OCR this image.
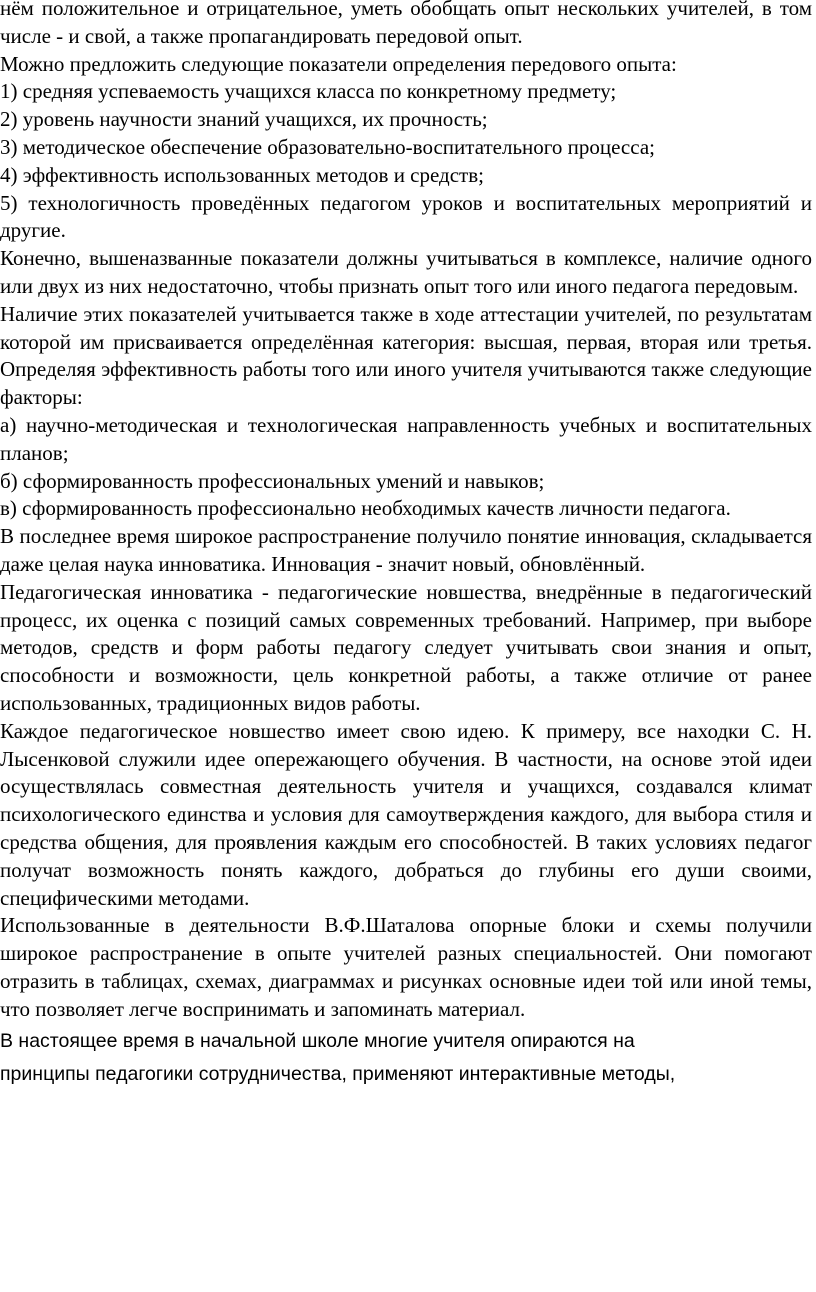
нём положительное и отрицательное, уметь обобщать опыт нескольких учителей, в том числе - и свой, а также пропагандировать передовой опыт.

Можно предложить следующие показатели определения передового опыта:

1) средняя успеваемость учащихся класса по конкретному предмету;

2) уровень научности знаний учащихся, их прочность;

3) методическое обеспечение образовательно-воспитательного процесса;

4) эффективность использованных методов и средств;

5) технологичность проведённых педагогом уроков и воспитательных мероприятий и другие.

Конечно, вышеназванные показатели должны учитываться в комплексе, наличие одного или двух из них недостаточно, чтобы признать опыт того или иного педагога передовым.

Наличие этих показателей учитывается также в ходе аттестации учителей, по результатам которой им присваивается определённая категория: высшая, первая, вторая или третья. Определяя эффективность работы того или иного учителя учитываются также следующие факторы:

а) научно-методическая и технологическая направленность учебных и воспитательных планов;

б) сформированность профессиональных умений и навыков;

в) сформированность профессионально необходимых качеств личности педагога.

В последнее время широкое распространение получило понятие инновация, складывается даже целая наука инноватика. Инновация - значит новый, обновлённый.

Педагогическая инноватика - педагогические новшества, внедрённые в педагогический процесс, их оценка с позиций самых современных требований. Например, при выборе методов, средств и форм работы педагогу следует учитывать свои знания и опыт, способности и возможности, цель конкретной работы, а также отличие от ранее использованных, традиционных видов работы.

Каждое педагогическое новшество имеет свою идею. К примеру, все находки С. Н. Лысенковой служили идее опережающего обучения. В частности, на основе этой идеи осуществлялась совместная деятельность учителя и учащихся, создавался климат психологического единства и условия для самоутверждения каждого, для выбора стиля и средства общения, для проявления каждым его способностей. В таких условиях педагог получат возможность понять каждого, добраться до глубины его души своими, специфическими методами.

Использованные в деятельности В.Ф.Шаталова опорные блоки и схемы получили широкое распространение в опыте учителей разных специальностей. Они помогают отразить в таблицах, схемах, диаграммах и рисунках основные идеи той или иной темы, что позволяет легче воспринимать и запоминать материал.

В настоящее время в начальной школе многие учителя опираются на
принципы педагогики сотрудничества, применяют интерактивные методы,
